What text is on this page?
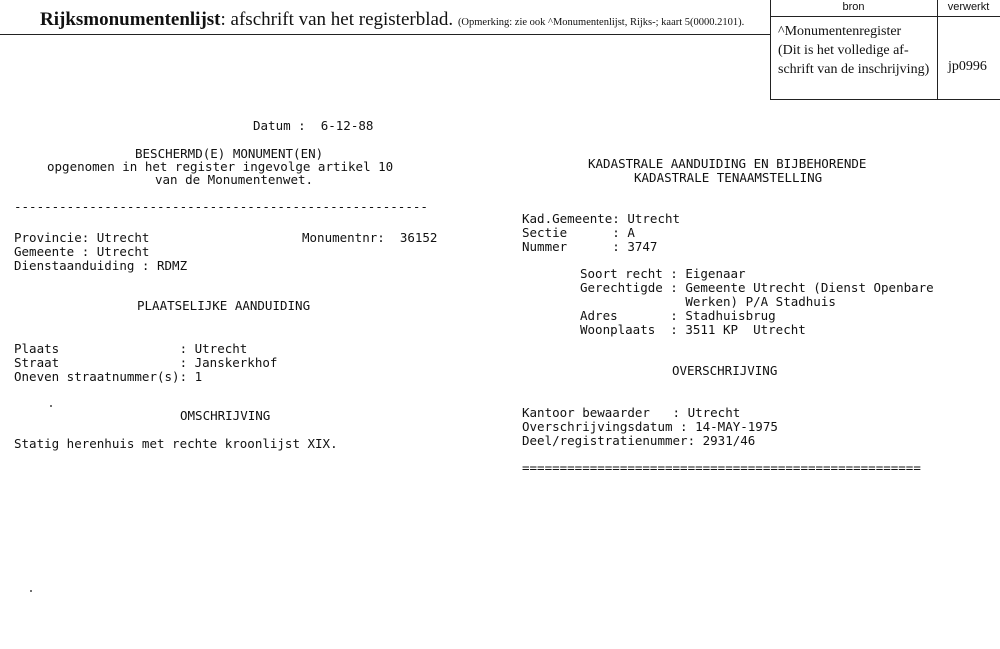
Rijksmonumentenlijst: afschrift van het registerblad. (Opmerking: zie ook ^Monumentenlijst, Rijks-; kaart 5(0000.2101).
bron	verwerkt
^Monumentenregister
(Dit is het volledige af-
schrift van de inschrijving)	jp0996
Datum :  6-12-88
BESCHERMD(E) MONUMENT(EN)
opgenomen in het register ingevolge artikel 10
van de Monumentenwet.
-------------------------------------------------------
Provincie: Utrecht	Monumentnr:  36152
Gemeente : Utrecht
Dienstaanduiding : RDMZ
PLAATSELIJKE AANDUIDING
Plaats                : Utrecht
Straat                : Janskerkhof
Oneven straatnummer(s): 1
OMSCHRIJVING
Statig herenhuis met rechte kroonlijst XIX.
KADASTRALE AANDUIDING EN BIJBEHORENDE
KADASTRALE TENAAMSTELLING
Kad.Gemeente: Utrecht
Sectie      : A
Nummer      : 3747
Soort recht : Eigenaar
Gerechtigde : Gemeente Utrecht (Dienst Openbare
Werken) P/A Stadhuis
Adres       : Stadhuisbrug
Woonplaats  : 3511 KP  Utrecht
OVERSCHRIJVING
Kantoor bewaarder   : Utrecht
Overschrijvingsdatum : 14-MAY-1975
Deel/registratienummer: 2931/46
=====================================================
